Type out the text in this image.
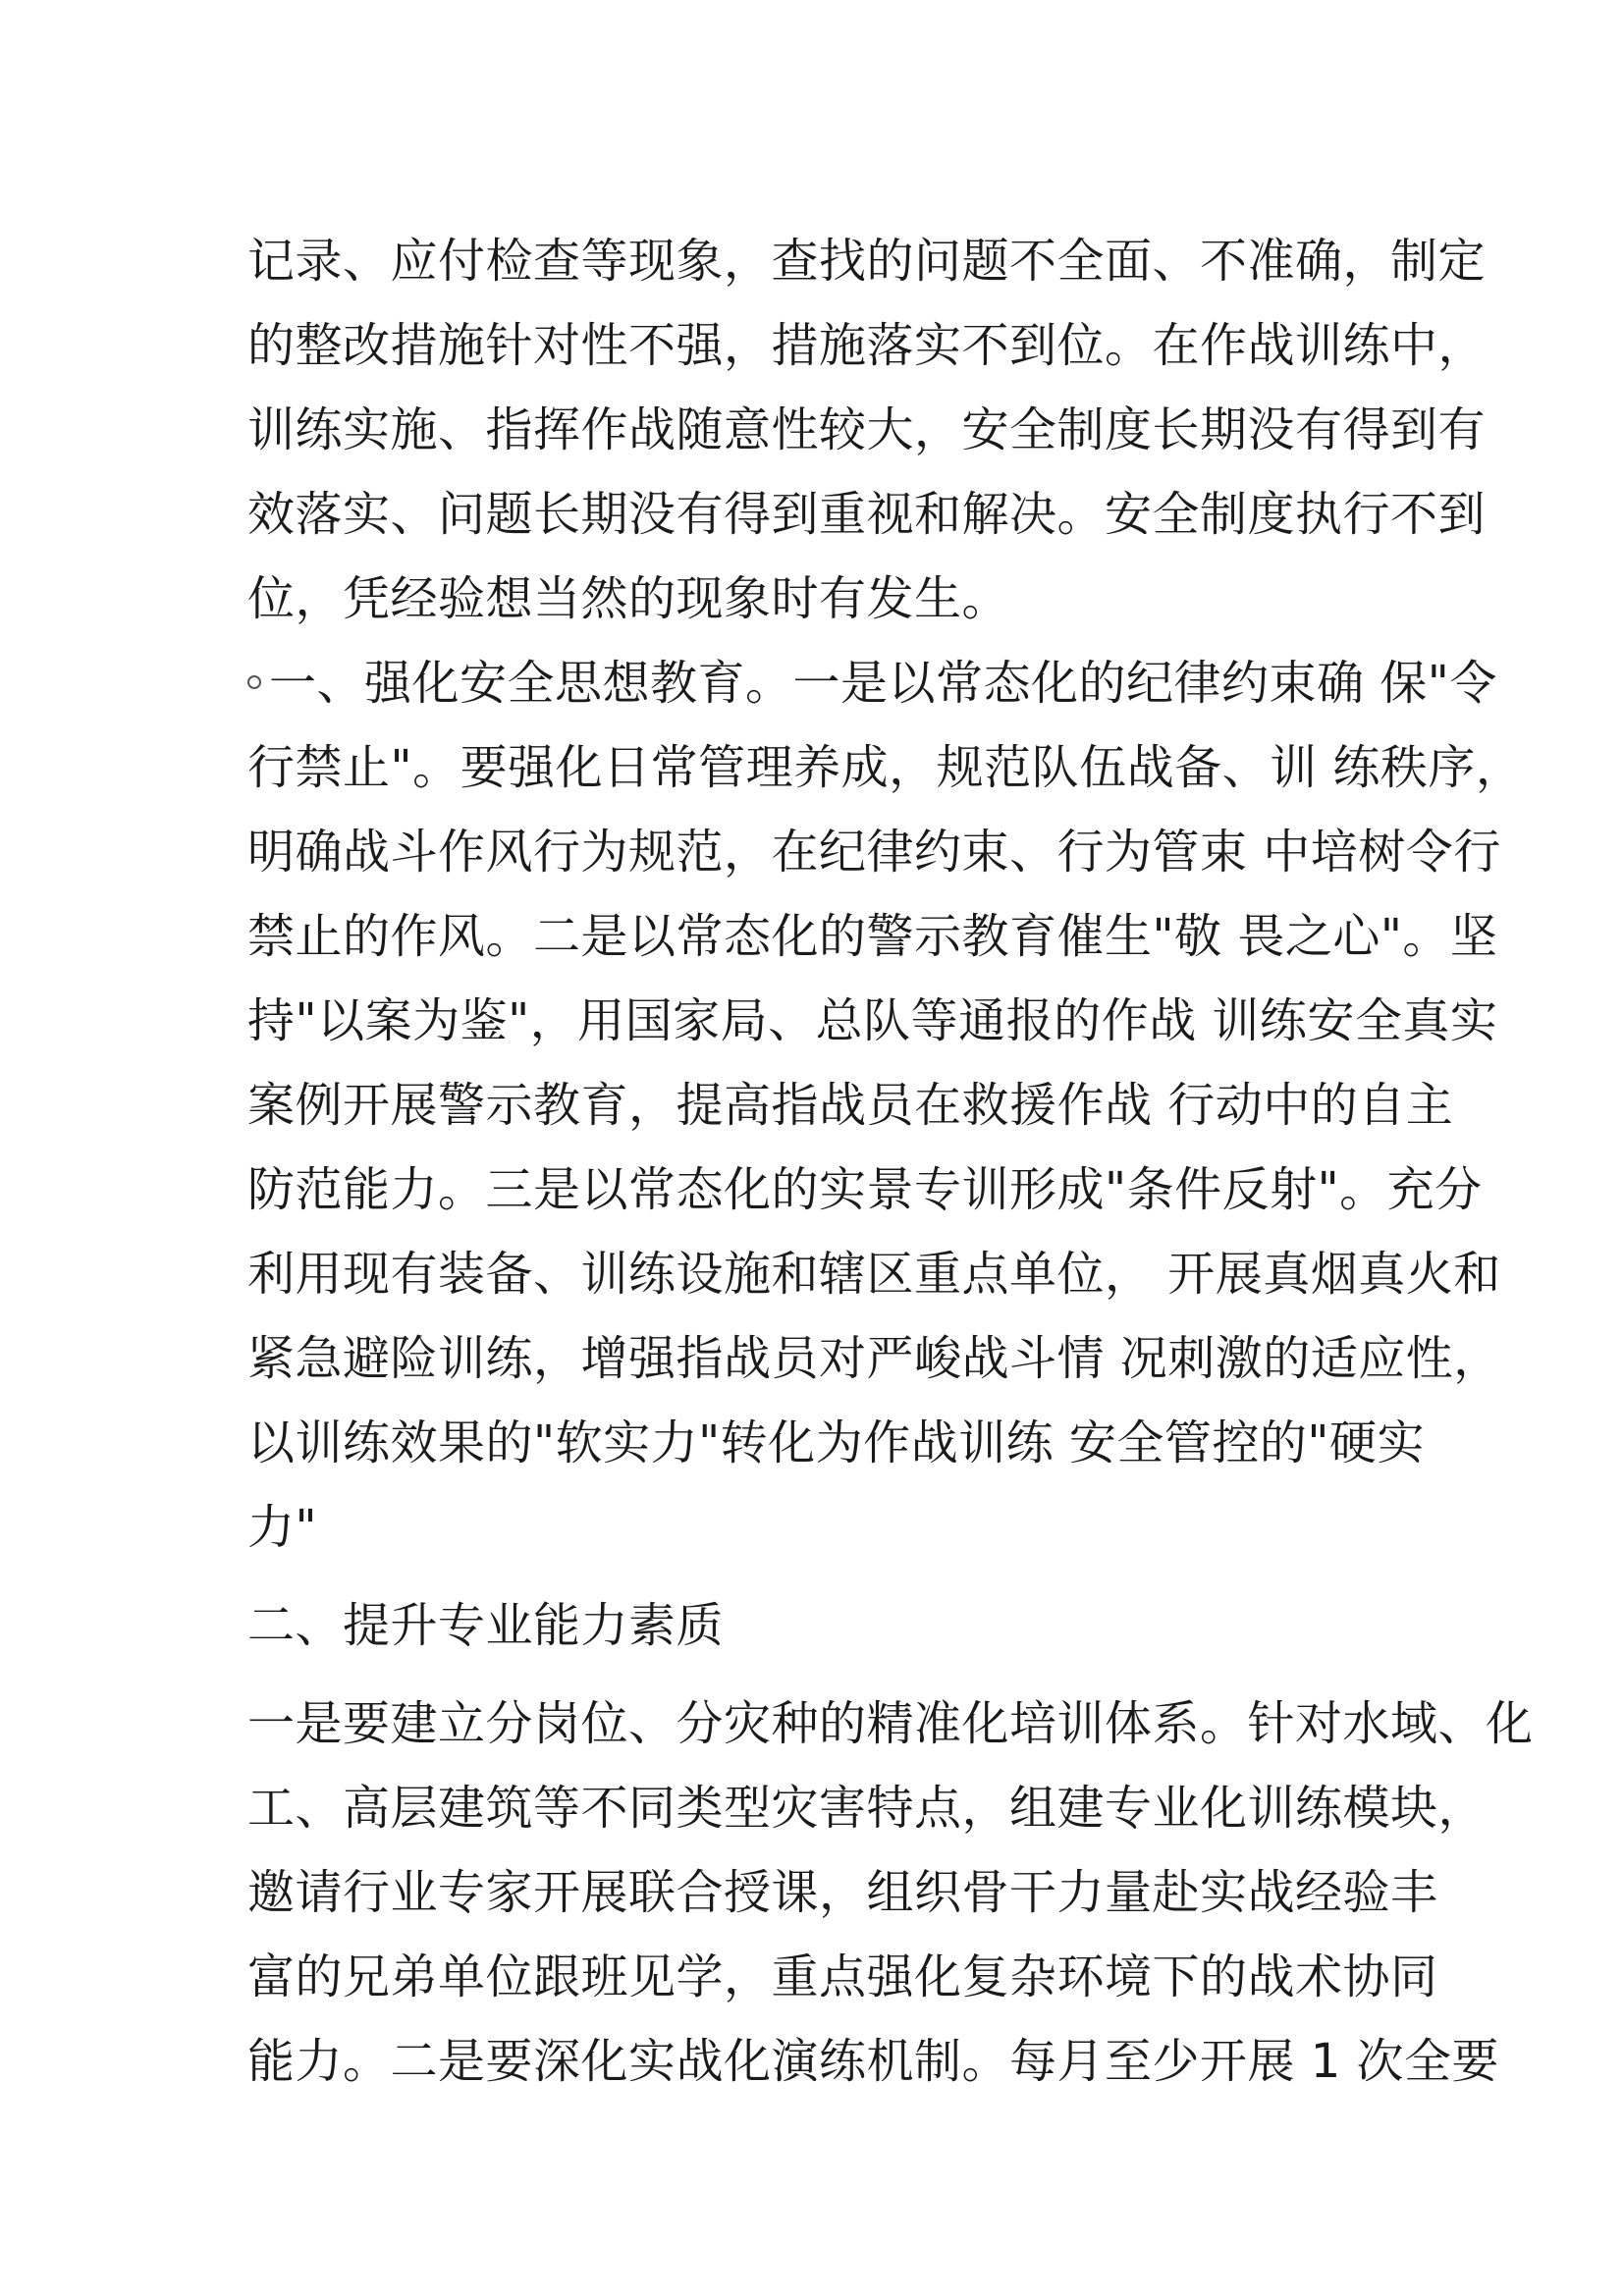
记录、应付检查等现象，查找的问题不全面、不准确，制定
的整改措施针对性不强，措施落实不到位。在作战训练中，
训练实施、指挥作战随意性较大，安全制度长期没有得到有
效落实、问题长期没有得到重视和解决。安全制度执行不到
位，凭经验想当然的现象时有发生。
一、强化安全思想教育。一是以常态化的纪律约束确 保"令
行禁止"。要强化日常管理养成，规范队伍战备、训 练秩序，
明确战斗作风行为规范，在纪律约束、行为管束 中培树令行
禁止的作风。二是以常态化的警示教育催生"敬 畏之心"。坚
持"以案为鉴"，用国家局、总队等通报的作战 训练安全真实
案例开展警示教育，提高指战员在救援作战 行动中的自主
防范能力。三是以常态化的实景专训形成"条件反射"。充分
利用现有装备、训练设施和辖区重点单位， 开展真烟真火和
紧急避险训练，增强指战员对严峻战斗情 况刺激的适应性，
以训练效果的"软实力"转化为作战训练 安全管控的"硬实
力"
二、提升专业能力素质
一是要建立分岗位、分灾种的精准化培训体系。针对水域、化
工、高层建筑等不同类型灾害特点，组建专业化训练模块，
邀请行业专家开展联合授课，组织骨干力量赴实战经验丰
富的兄弟单位跟班见学，重点强化复杂环境下的战术协同
能力。二是要深化实战化演练机制。每月至少开展 1 次全要
